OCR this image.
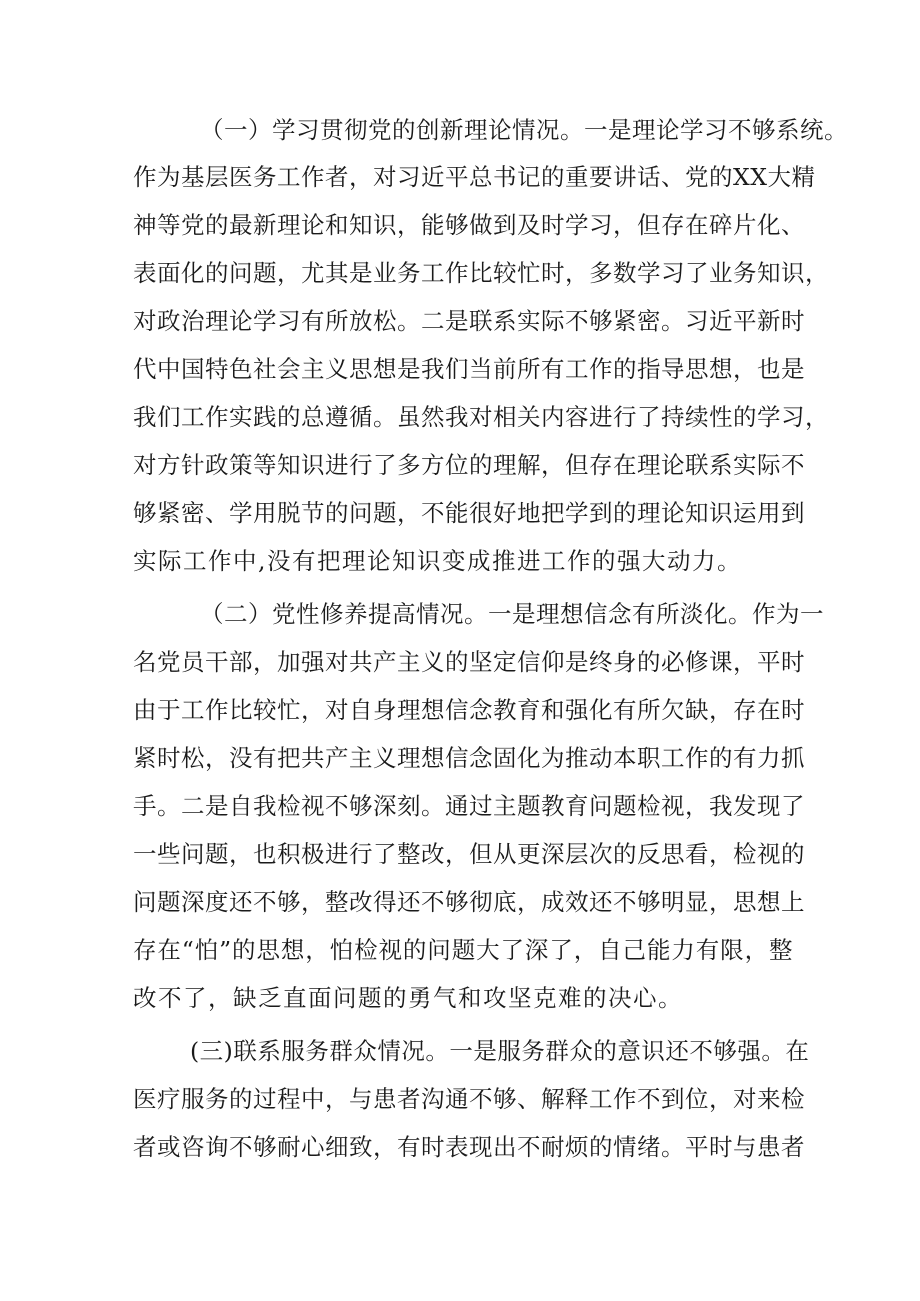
（一）学习贯彻党的创新理论情况。一是理论学习不够系统。
作为基层医务工作者，对习近平总书记的重要讲话、党的XX大精
神等党的最新理论和知识，能够做到及时学习，但存在碎片化、
表面化的问题，尤其是业务工作比较忙时，多数学习了业务知识，
对政治理论学习有所放松。二是联系实际不够紧密。习近平新时
代中国特色社会主义思想是我们当前所有工作的指导思想，也是
我们工作实践的总遵循。虽然我对相关内容进行了持续性的学习，
对方针政策等知识进行了多方位的理解，但存在理论联系实际不
够紧密、学用脱节的问题，不能很好地把学到的理论知识运用到
实际工作中,没有把理论知识变成推进工作的强大动力。
（二）党性修养提高情况。一是理想信念有所淡化。作为一
名党员干部，加强对共产主义的坚定信仰是终身的必修课，平时
由于工作比较忙，对自身理想信念教育和强化有所欠缺，存在时
紧时松，没有把共产主义理想信念固化为推动本职工作的有力抓
手。二是自我检视不够深刻。通过主题教育问题检视，我发现了
一些问题，也积极进行了整改，但从更深层次的反思看，检视的
问题深度还不够，整改得还不够彻底，成效还不够明显，思想上
存在“怕”的思想，怕检视的问题大了深了，自己能力有限，整
改不了，缺乏直面问题的勇气和攻坚克难的决心。
(三)联系服务群众情况。一是服务群众的意识还不够强。在
医疗服务的过程中，与患者沟通不够、解释工作不到位，对来检
者或咨询不够耐心细致，有时表现出不耐烦的情绪。平时与患者
